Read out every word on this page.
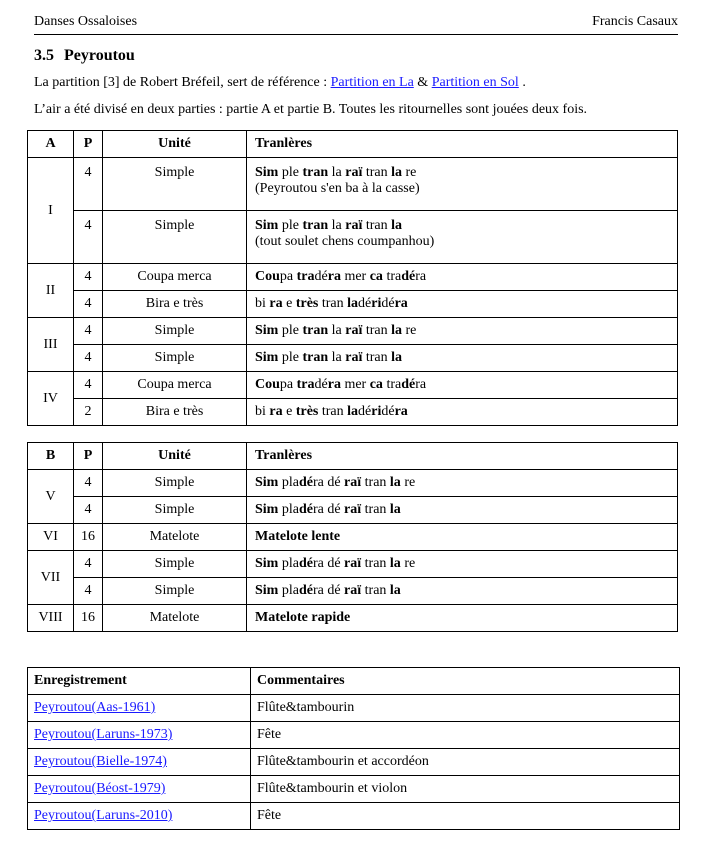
Danses Ossaloises	Francis Casaux
3.5 Peyroutou
La partition [3] de Robert Bréfeil, sert de référence : Partition en La & Partition en Sol .
L’air a été divisé en deux parties : partie A et partie B. Toutes les ritournelles sont jouées deux fois.
A	P	Unité	Tranlères
I	4	Simple	Sim ple tran la raï tran la re
(Peyroutou s'en ba à la casse)

	4	Simple	Sim ple tran la raï tran la
(tout soulet chens coumpanhou)

II	4	Coupa merca	Coupa tradéra mer ca tradéra

	4	Bira e très	bi ra e très tran ladéridéra

III	4	Simple	Sim ple tran la raï tran la re

	4	Simple	Sim ple tran la raï tran la

IV	4	Coupa merca	Coupa tradéra mer ca tradéra

	2	Bira e très	bi ra e très tran ladéridéra
B	P	Unité	Tranlères
V	4	Simple	Sim pladéra dé raï tran la re

	4	Simple	Sim pladéra dé raï tran la

VI	16	Matelote	Matelote lente

VII	4	Simple	Sim pladéra dé raï tran la re

	4	Simple	Sim pladéra dé raï tran la

VIII	16	Matelote	Matelote rapide
Enregistrement	Commentaires
Peyroutou(Aas-1961)	Flûte&tambourin
Peyroutou(Laruns-1973)	Fête
Peyroutou(Bielle-1974)	Flûte&tambourin et accordéon
Peyroutou(Béost-1979)	Flûte&tambourin et violon
Peyroutou(Laruns-2010)	Fête
